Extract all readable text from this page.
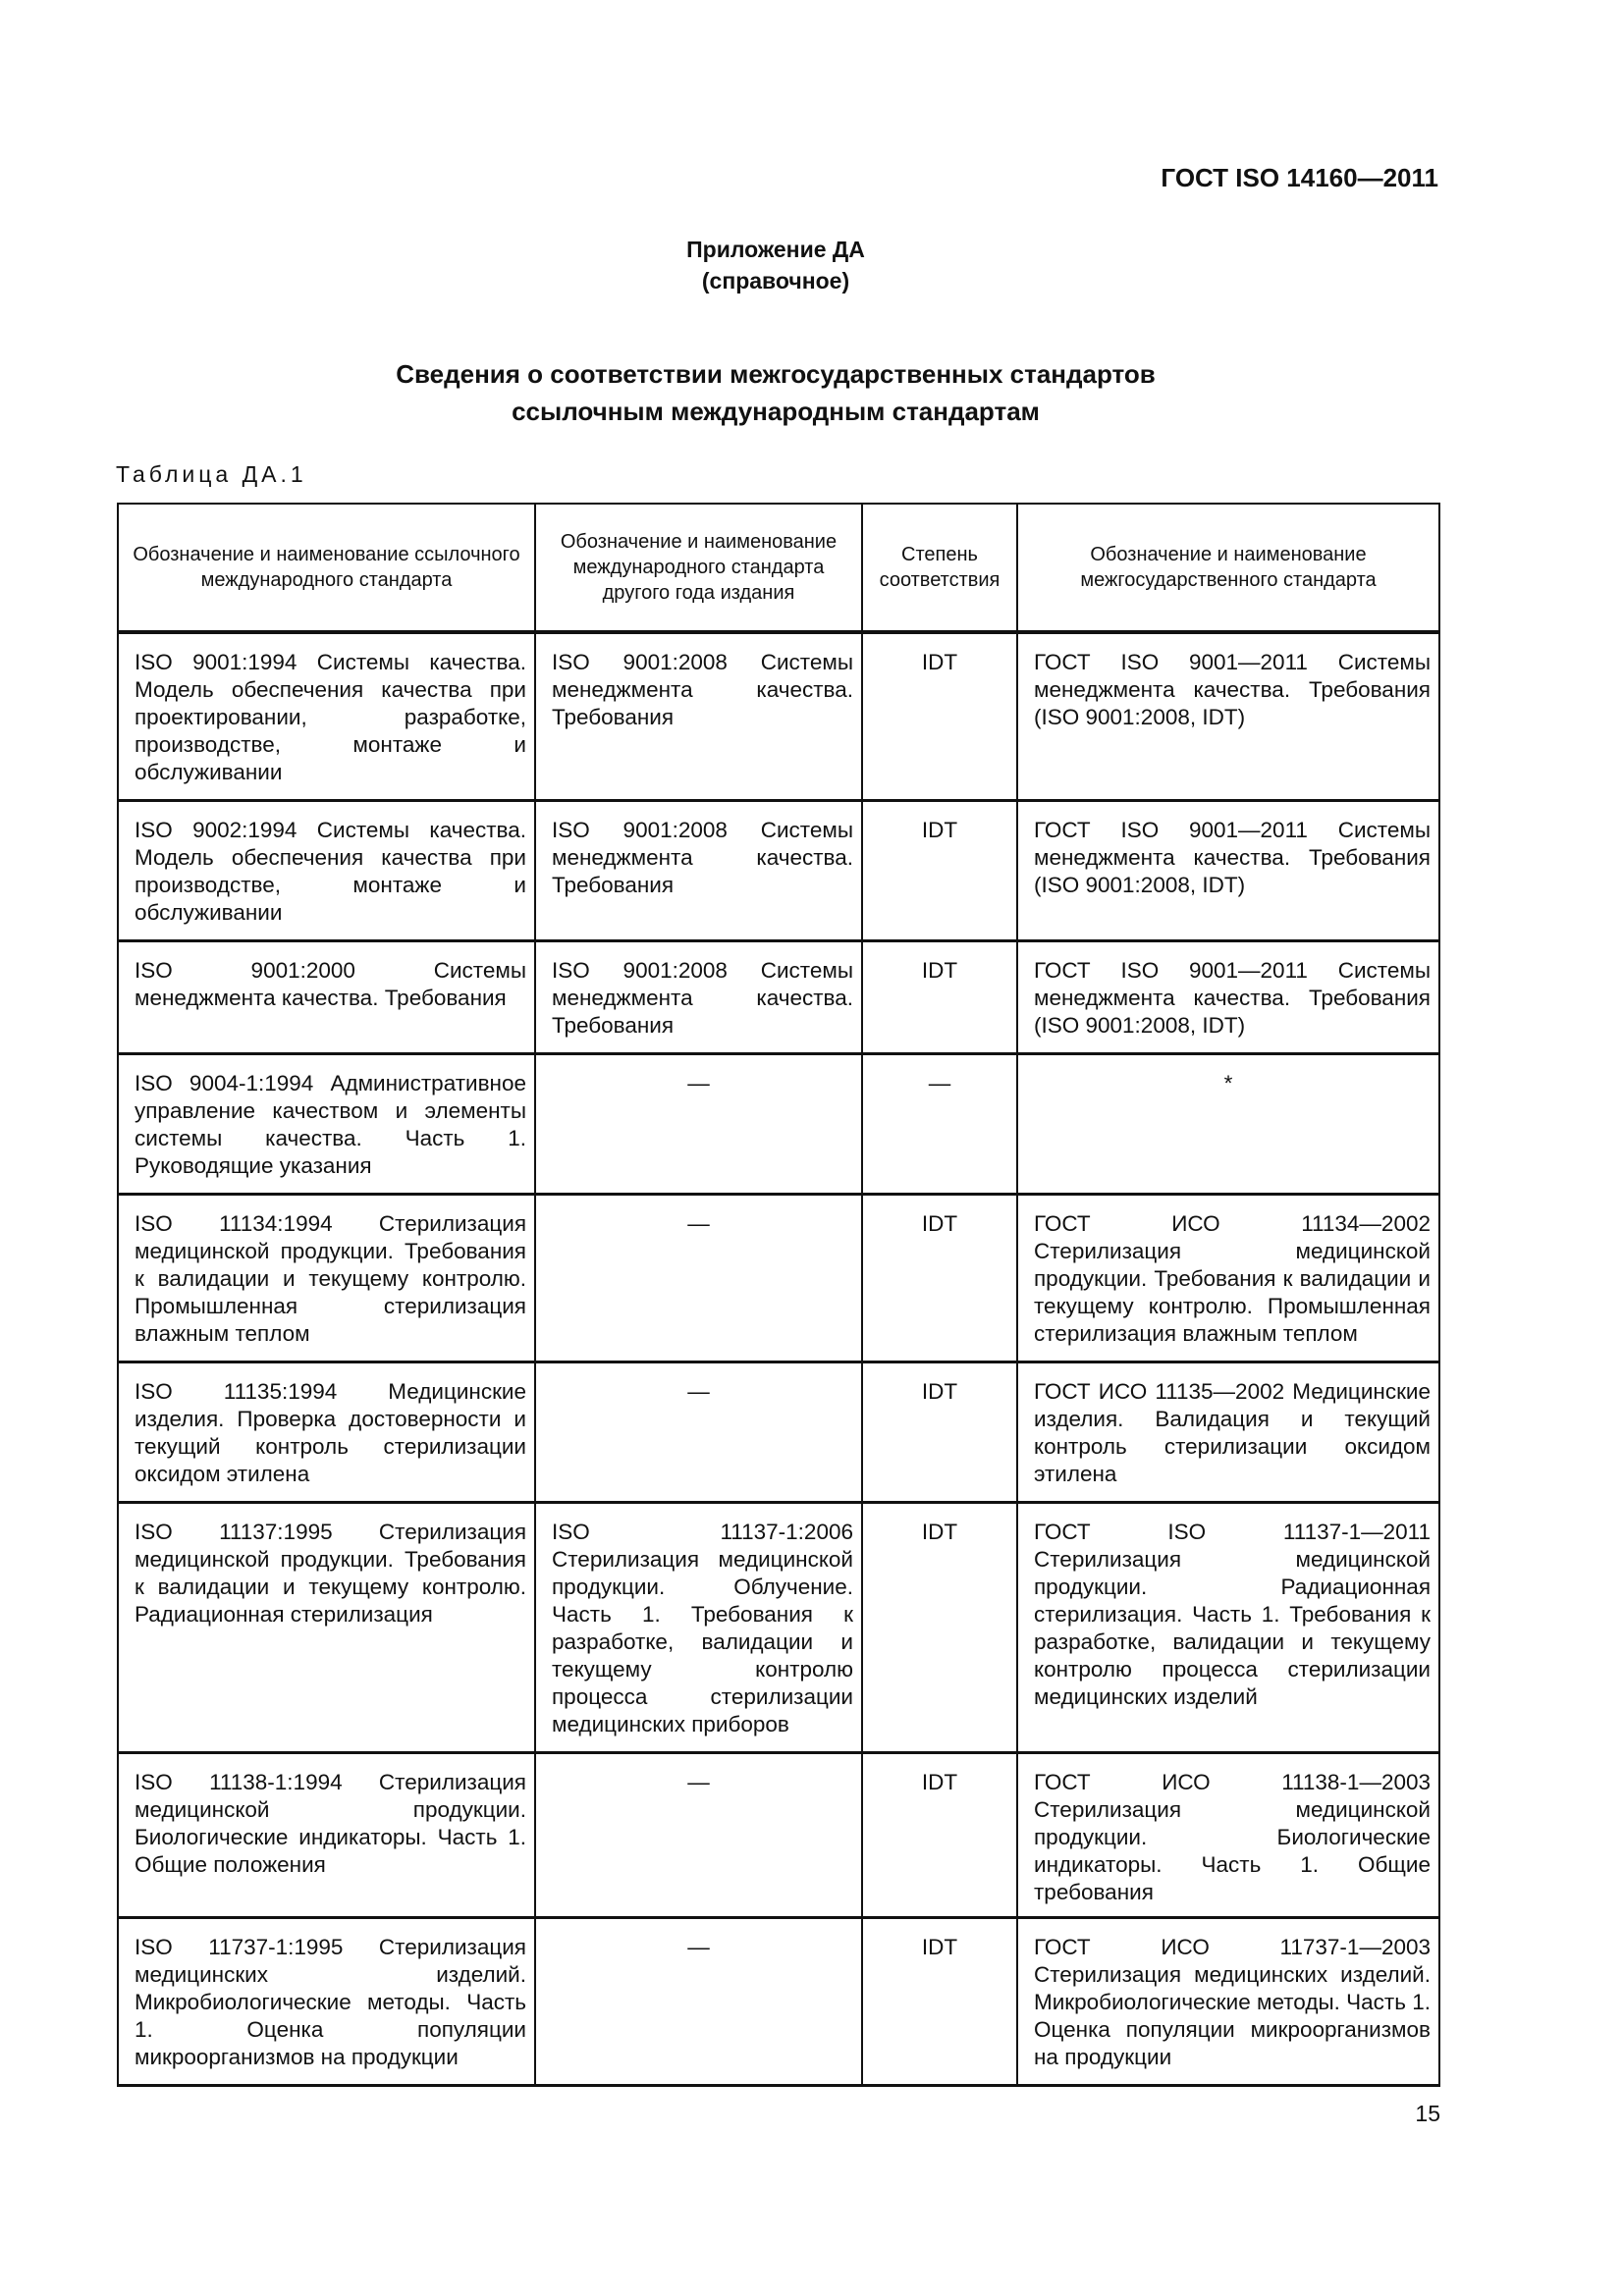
ГОСТ ISO 14160—2011
Приложение ДА
(справочное)
Сведения о соответствии межгосударственных стандартов
ссылочным международным стандартам
Таблица ДА.1
Обозначение и наименование ссылочного международного стандарта	Обозначение и наименование международного стандарта другого года издания	Степень соответствия	Обозначение и наименование межгосударственного стандарта
ISO 9001:1994 Системы качества. Модель обеспечения качества при проектировании, разработке, производстве, монтаже и обслуживании	ISO 9001:2008 Системы менеджмента качества. Требования	IDT	ГОСТ ISO 9001—2011 Системы менеджмента качества. Требования (ISO 9001:2008, IDT)
ISO 9002:1994 Системы качества. Модель обеспечения качества при производстве, монтаже и обслуживании	ISO 9001:2008 Системы менеджмента качества. Требования	IDT	ГОСТ ISO 9001—2011 Системы менеджмента качества. Требования (ISO 9001:2008, IDT)
ISO 9001:2000 Системы менеджмента качества. Требования	ISO 9001:2008 Системы менеджмента качества. Требования	IDT	ГОСТ ISO 9001—2011 Системы менеджмента качества. Требования (ISO 9001:2008, IDT)
ISO 9004-1:1994 Административное управление качеством и элементы системы качества. Часть 1. Руководящие указания	—	—	*
ISO 11134:1994 Стерилизация медицинской продукции. Требования к валидации и текущему контролю. Промышленная стерилизация влажным теплом	—	IDT	ГОСТ ИСО 11134—2002 Стерилизация медицинской продукции. Требования к валидации и текущему контролю. Промышленная стерилизация влажным теплом
ISO 11135:1994 Медицинские изделия. Проверка достоверности и текущий контроль стерилизации оксидом этилена	—	IDT	ГОСТ ИСО 11135—2002 Медицинские изделия. Валидация и текущий контроль стерилизации оксидом этилена
ISO 11137:1995 Стерилизация медицинской продукции. Требования к валидации и текущему контролю. Радиационная стерилизация	ISO 11137-1:2006 Стерилизация медицинской продукции. Облучение. Часть 1. Требования к разработке, валидации и текущему контролю процесса стерилизации медицинских приборов	IDT	ГОСТ ISO 11137-1—2011 Стерилизация медицинской продукции. Радиационная стерилизация. Часть 1. Требования к разработке, валидации и текущему контролю процесса стерилизации медицинских изделий
ISO 11138-1:1994 Стерилизация медицинской продукции. Биологические индикаторы. Часть 1. Общие положения	—	IDT	ГОСТ ИСО 11138-1—2003 Стерилизация медицинской продукции. Биологические индикаторы. Часть 1. Общие требования
ISO 11737-1:1995 Стерилизация медицинских изделий. Микробиологические методы. Часть 1. Оценка популяции микроорганизмов на продукции	—	IDT	ГОСТ ИСО 11737-1—2003 Стерилизация медицинских изделий. Микробиологические методы. Часть 1. Оценка популяции микроорганизмов на продукции
15
